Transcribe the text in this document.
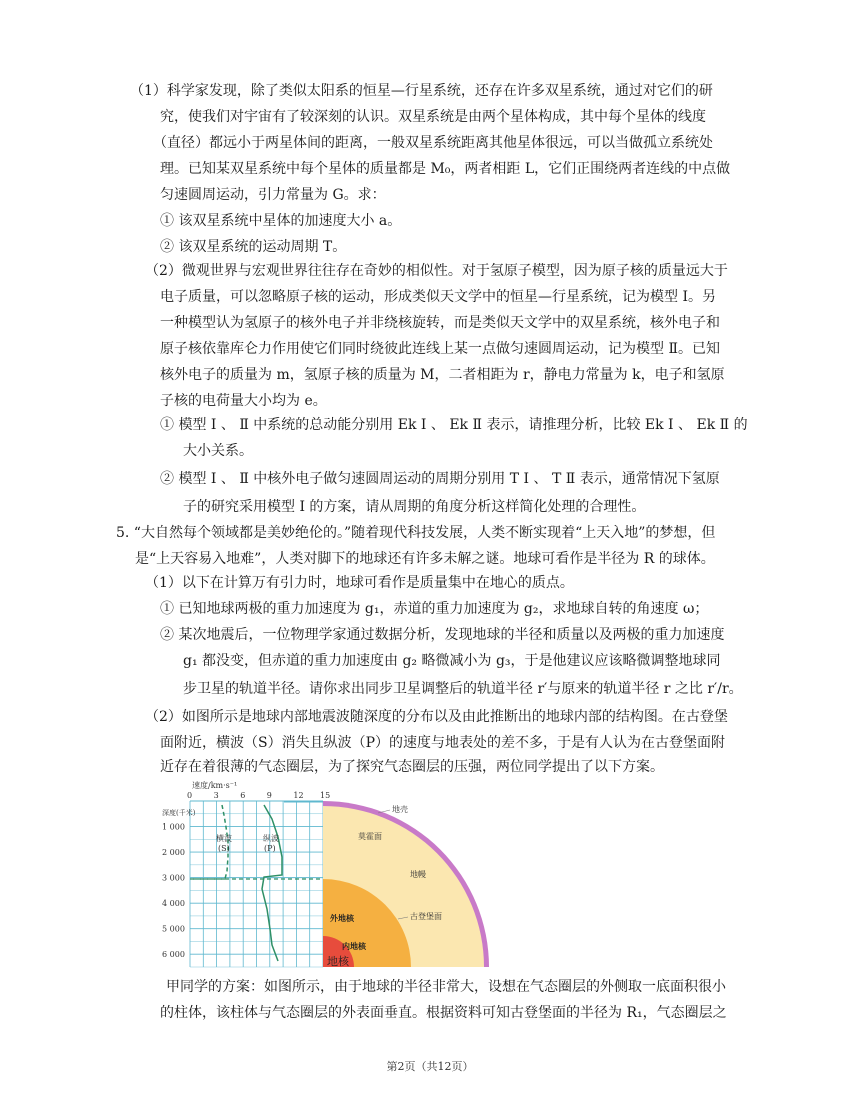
（1）科学家发现，除了类似太阳系的恒星—行星系统，还存在许多双星系统，通过对它们的研
究，使我们对宇宙有了较深刻的认识。双星系统是由两个星体构成，其中每个星体的线度
（直径）都远小于两星体间的距离，一般双星系统距离其他星体很远，可以当做孤立系统处
理。已知某双星系统中每个星体的质量都是 M₀，两者相距 L，它们正围绕两者连线的中点做
匀速圆周运动，引力常量为 G。求：
① 该双星系统中星体的加速度大小 a。
② 该双星系统的运动周期 T。
（2）微观世界与宏观世界往往存在奇妙的相似性。对于氢原子模型，因为原子核的质量远大于
电子质量，可以忽略原子核的运动，形成类似天文学中的恒星—行星系统，记为模型 Ⅰ。另
一种模型认为氢原子的核外电子并非绕核旋转，而是类似天文学中的双星系统，核外电子和
原子核依靠库仑力作用使它们同时绕彼此连线上某一点做匀速圆周运动，记为模型 Ⅱ。已知
核外电子的质量为 m，氢原子核的质量为 M，二者相距为 r，静电力常量为 k，电子和氢原
子核的电荷量大小均为 e。
① 模型 Ⅰ 、 Ⅱ 中系统的总动能分别用 Ek Ⅰ 、 Ek Ⅱ 表示，请推理分析，比较 Ek Ⅰ 、 Ek Ⅱ 的
大小关系。
② 模型 Ⅰ 、 Ⅱ 中核外电子做匀速圆周运动的周期分别用 T Ⅰ 、 T Ⅱ 表示，通常情况下氢原
子的研究采用模型 Ⅰ 的方案，请从周期的角度分析这样简化处理的合理性。
5. “大自然每个领域都是美妙绝伦的。”随着现代科技发展，人类不断实现着“上天入地”的梦想，但
是“上天容易入地难”，人类对脚下的地球还有许多未解之谜。地球可看作是半径为 R 的球体。
（1）以下在计算万有引力时，地球可看作是质量集中在地心的质点。
① 已知地球两极的重力加速度为 g₁，赤道的重力加速度为 g₂，求地球自转的角速度 ω；
② 某次地震后，一位物理学家通过数据分析，发现地球的半径和质量以及两极的重力加速度
g₁ 都没变，但赤道的重力加速度由 g₂ 略微减小为 g₃，于是他建议应该略微调整地球同
步卫星的轨道半径。请你求出同步卫星调整后的轨道半径 r′与原来的轨道半径 r 之比 r′/r。
（2）如图所示是地球内部地震波随深度的分布以及由此推断出的地球内部的结构图。在古登堡
面附近，横波（S）消失且纵波（P）的速度与地表处的差不多，于是有人认为在古登堡面附
近存在着很薄的气态圈层，为了探究气态圈层的压强，两位同学提出了以下方案。
速度/km·s⁻¹
0	3	6	9	12 15
深度(千米)
1 000
2 000
3 000
4 000
5 000
6 000
横波
(S)
纵波
(P)
地壳
莫霍面
地幔
古登堡面
外地核
内地核
地核
甲同学的方案：如图所示，由于地球的半径非常大，设想在气态圈层的外侧取一底面积很小
的柱体，该柱体与气态圈层的外表面垂直。根据资料可知古登堡面的半径为 R₁，气态圈层之
第2页（共12页）
